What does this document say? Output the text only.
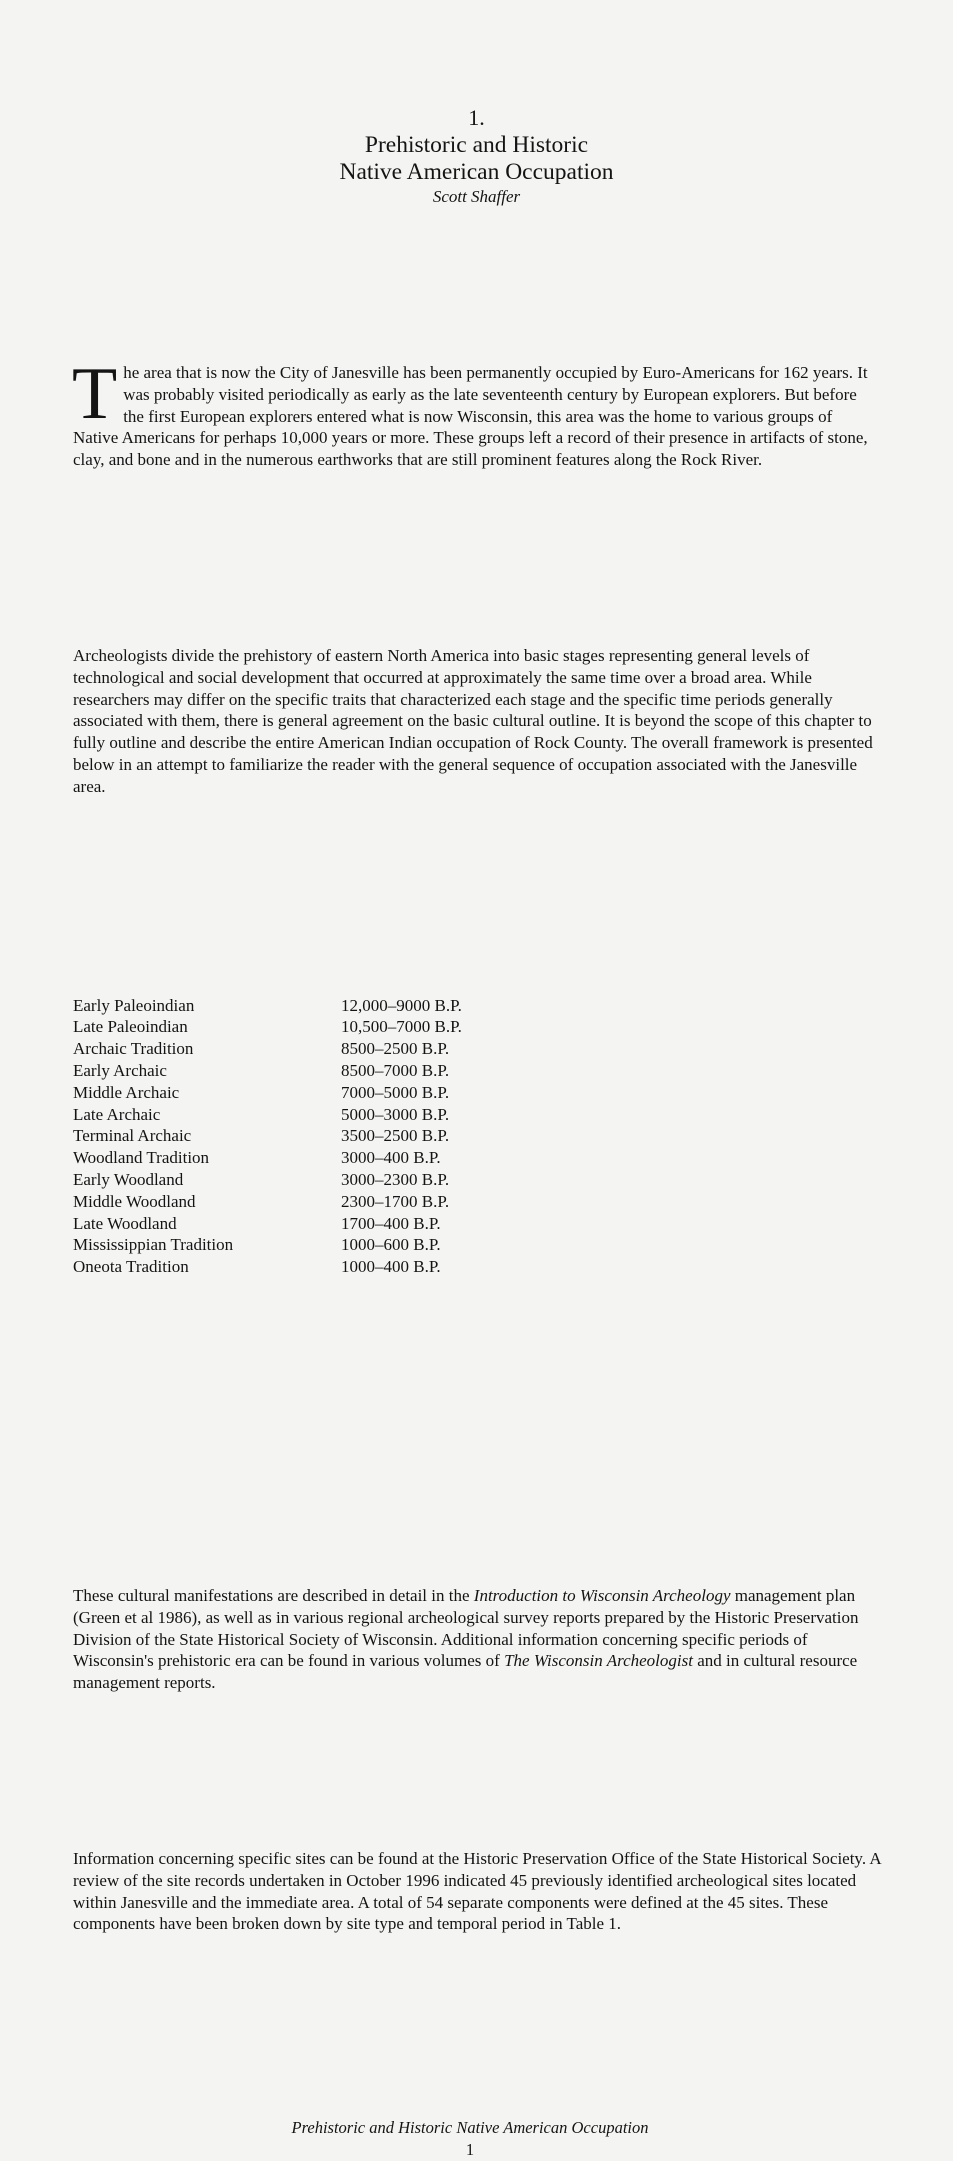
1.

Prehistoric and Historic

Native American Occupation

Scott Shaffer

The area that is now the City of Janesville has been permanently occupied by Euro-Americans for 162 years. It was probably visited periodically as early as the late seventeenth century by European explorers. But before the first European explorers entered what is now Wisconsin, this area was the home to various groups of Native Americans for perhaps 10,000 years or more. These groups left a record of their presence in artifacts of stone, clay, and bone and in the numerous earthworks that are still prominent features along the Rock River.

Archeologists divide the prehistory of eastern North America into basic stages representing general levels of technological and social development that occurred at approximately the same time over a broad area. While researchers may differ on the specific traits that characterized each stage and the specific time periods generally associated with them, there is general agreement on the basic cultural outline. It is beyond the scope of this chapter to fully outline and describe the entire American Indian occupation of Rock County. The overall framework is presented below in an attempt to familiarize the reader with the general sequence of occupation associated with the Janesville area.

Early Paleoindian	12,000–9000 B.P.
Late Paleoindian	10,500–7000 B.P.
Archaic Tradition	8500–2500 B.P.
Early Archaic	8500–7000 B.P.
Middle Archaic	7000–5000 B.P.
Late Archaic	5000–3000 B.P.
Terminal Archaic	3500–2500 B.P.
Woodland Tradition	3000–400 B.P.
Early Woodland	3000–2300 B.P.
Middle Woodland	2300–1700 B.P.
Late Woodland	1700–400 B.P.
Mississippian Tradition	1000–600 B.P.
Oneota Tradition	1000–400 B.P.

These cultural manifestations are described in detail in the Introduction to Wisconsin Archeology management plan (Green et al 1986), as well as in various regional archeological survey reports prepared by the Historic Preservation Division of the State Historical Society of Wisconsin. Additional information concerning specific periods of Wisconsin's prehistoric era can be found in various volumes of The Wisconsin Archeologist and in cultural resource management reports.

Information concerning specific sites can be found at the Historic Preservation Office of the State Historical Society. A review of the site records undertaken in October 1996 indicated 45 previously identified archeological sites located within Janesville and the immediate area. A total of 54 separate components were defined at the 45 sites. These components have been broken down by site type and temporal period in Table 1.

Prehistoric and Historic Native American Occupation
1
